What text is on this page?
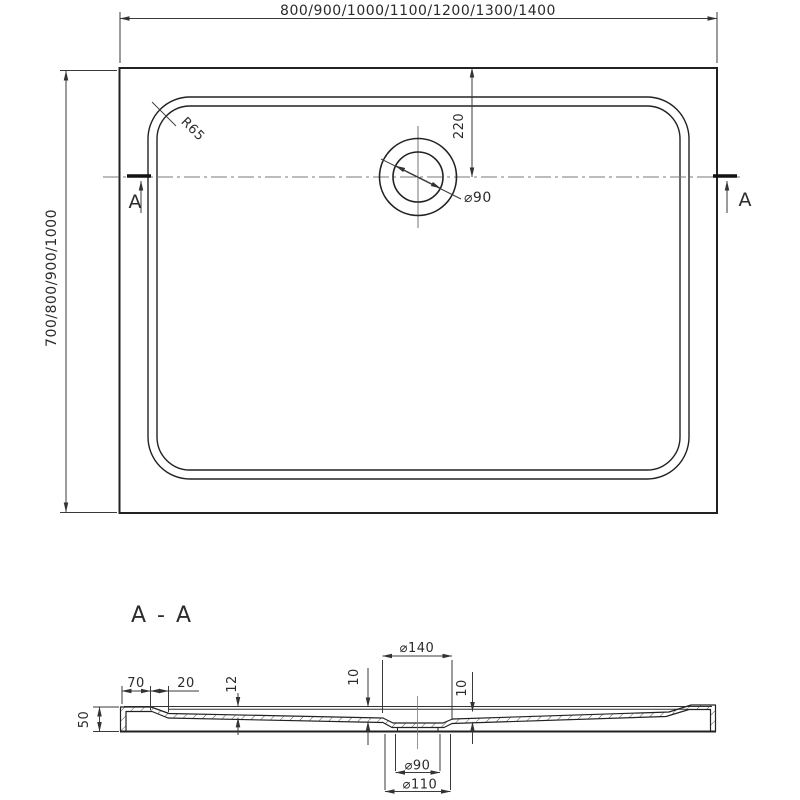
800/900/1000/1100/1200/1300/1400
700/800/900/1000
220
⌀90
R65
A	A
A - A
50
70 20 12	10
10
⌀140
⌀90
⌀110
